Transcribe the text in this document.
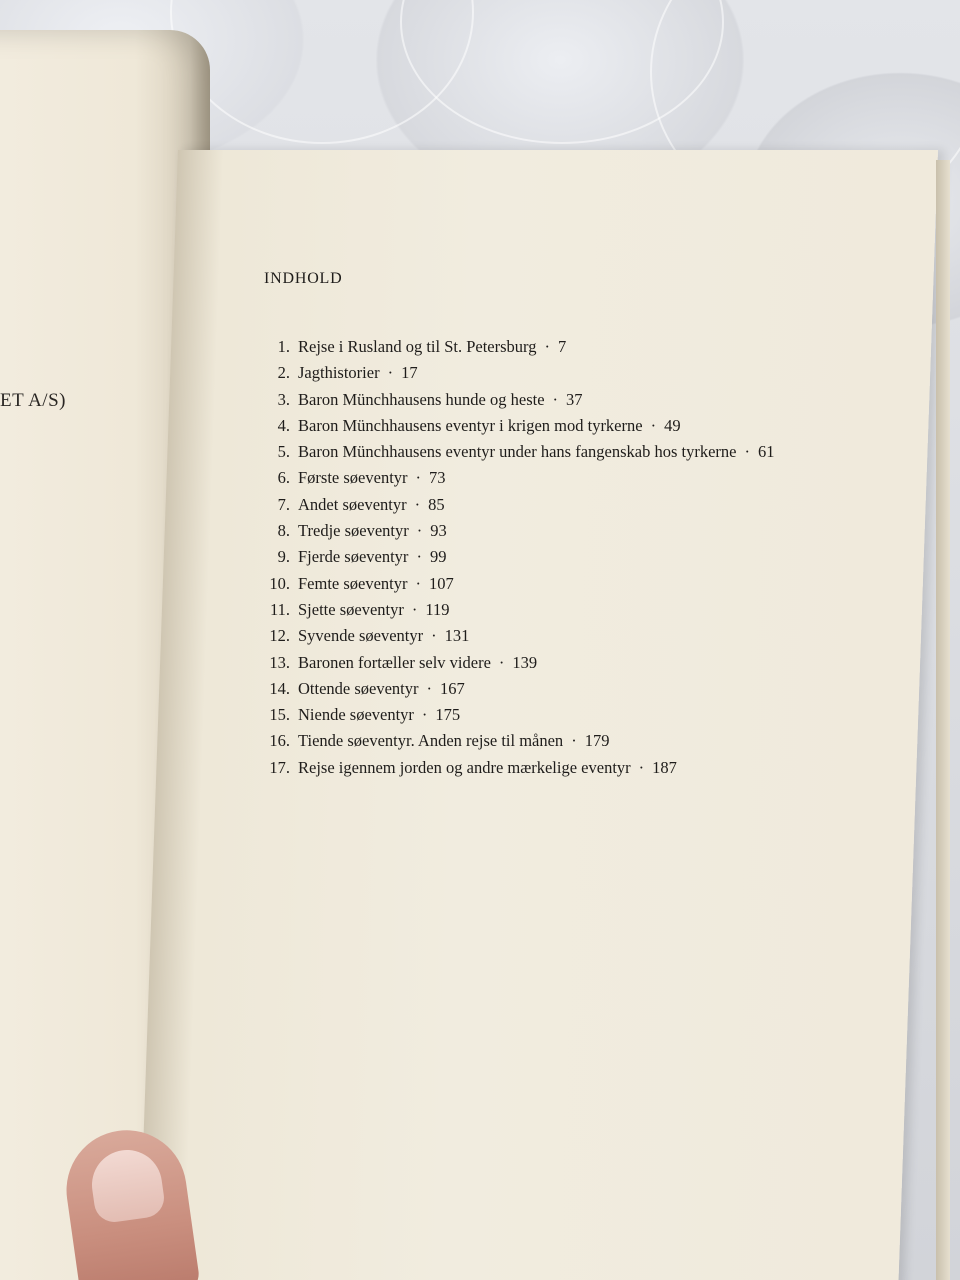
ET A/S)
INDHOLD
1. Rejse i Rusland og til St. Petersburg · 7
2. Jagthistorier · 17
3. Baron Münchhausens hunde og heste · 37
4. Baron Münchhausens eventyr i krigen mod tyrkerne · 49
5. Baron Münchhausens eventyr under hans fangenskab hos tyrkerne · 61
6. Første søeventyr · 73
7. Andet søeventyr · 85
8. Tredje søeventyr · 93
9. Fjerde søeventyr · 99
10. Femte søeventyr · 107
11. Sjette søeventyr · 119
12. Syvende søeventyr · 131
13. Baronen fortæller selv videre · 139
14. Ottende søeventyr · 167
15. Niende søeventyr · 175
16. Tiende søeventyr. Anden rejse til månen · 179
17. Rejse igennem jorden og andre mærkelige eventyr · 187
